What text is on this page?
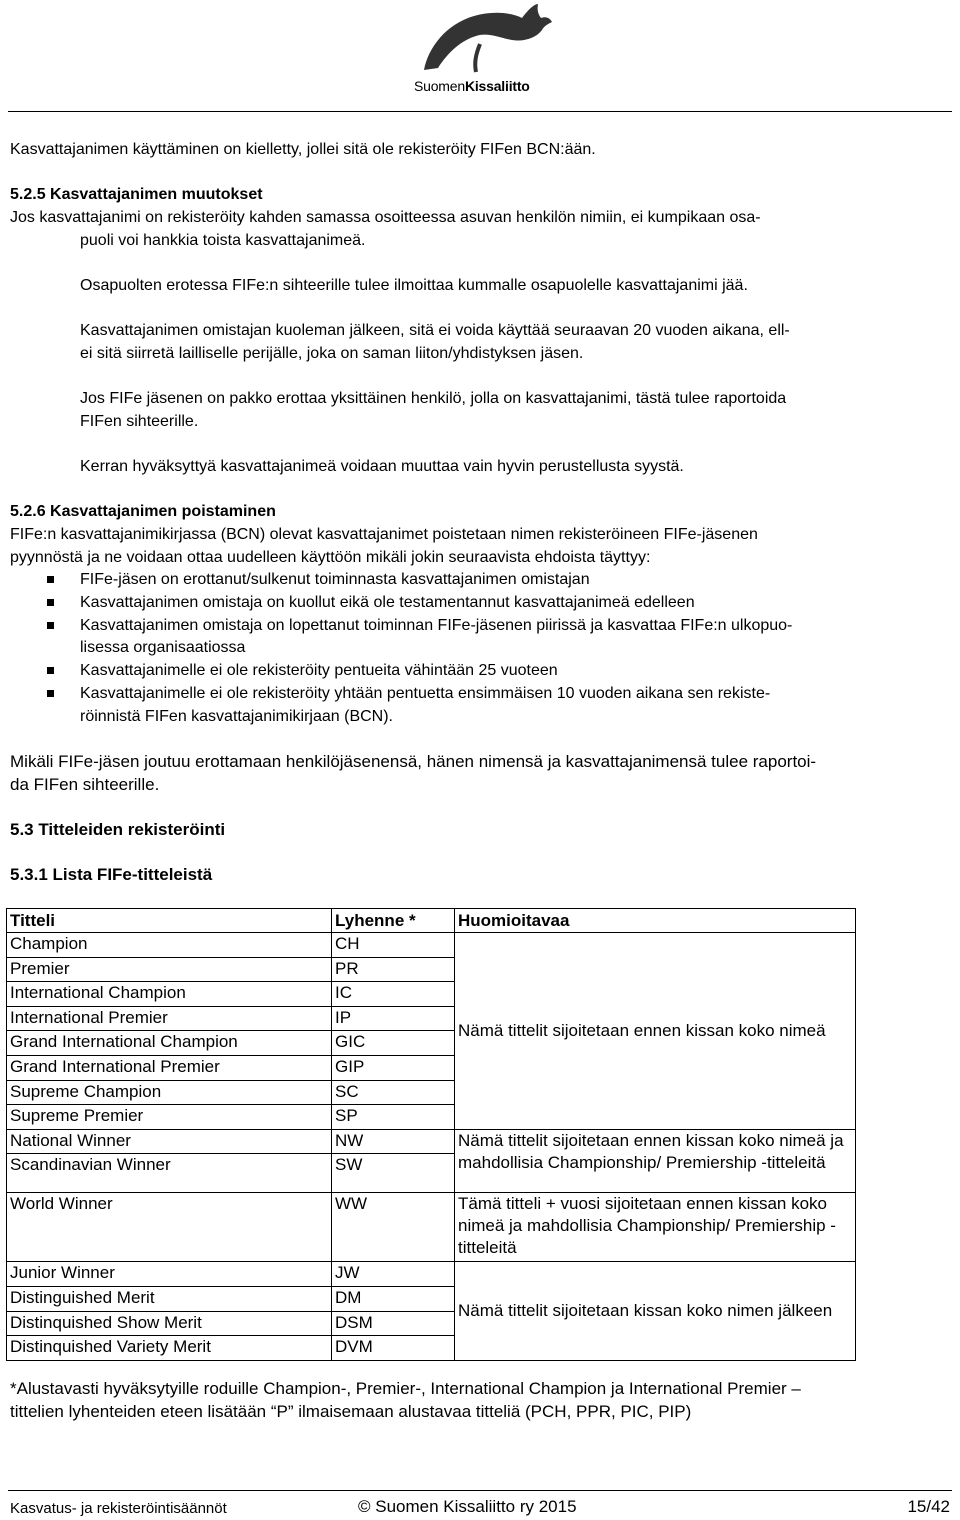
SuomenKissaliitto
Kasvattajanimen käyttäminen on kielletty, jollei sitä ole rekisteröity FIFen BCN:ään.
5.2.5 Kasvattajanimen muutokset
Jos kasvattajanimi on rekisteröity kahden samassa osoitteessa asuvan henkilön nimiin, ei kumpikaan osa-
puoli voi hankkia toista kasvattajanimeä.
Osapuolten erotessa FIFe:n sihteerille tulee ilmoittaa kummalle osapuolelle kasvattajanimi jää.
Kasvattajanimen omistajan kuoleman jälkeen, sitä ei voida käyttää seuraavan 20 vuoden aikana, ell-
ei sitä siirretä lailliselle perijälle, joka on saman liiton/yhdistyksen jäsen.
Jos FIFe jäsenen on pakko erottaa yksittäinen henkilö, jolla on kasvattajanimi, tästä tulee raportoida
FIFen sihteerille.
Kerran hyväksyttyä kasvattajanimeä voidaan muuttaa vain hyvin perustellusta syystä.
5.2.6 Kasvattajanimen poistaminen
FIFe:n kasvattajanimikirjassa (BCN) olevat kasvattajanimet poistetaan nimen rekisteröineen FIFe-jäsenen
pyynnöstä ja ne voidaan ottaa uudelleen käyttöön mikäli jokin seuraavista ehdoista täyttyy:
FIFe-jäsen on erottanut/sulkenut toiminnasta kasvattajanimen omistajan
Kasvattajanimen omistaja on kuollut eikä ole testamentannut kasvattajanimeä edelleen
Kasvattajanimen omistaja on lopettanut toiminnan FIFe-jäsenen piirissä ja kasvattaa FIFe:n ulkopuo-
lisessa organisaatiossa
Kasvattajanimelle ei ole rekisteröity pentueita vähintään 25 vuoteen
Kasvattajanimelle ei ole rekisteröity yhtään pentuetta ensimmäisen 10 vuoden aikana sen rekiste-
röinnistä FIFen kasvattajanimikirjaan (BCN).
Mikäli FIFe-jäsen joutuu erottamaan henkilöjäsenensä, hänen nimensä ja kasvattajanimensä tulee raportoi-
da FIFen sihteerille.
5.3 Titteleiden rekisteröinti
5.3.1 Lista FIFe-titteleistä
Titteli	Lyhenne *	Huomioitavaa
Champion	CH	Nämä tittelit sijoitetaan ennen kissan koko nimeä
Premier	PR	
International Champion	IC	
International Premier	IP	
Grand International Champion	GIC	
Grand International Premier	GIP	
Supreme Champion	SC	
Supreme Premier	SP	
National Winner	NW	Nämä tittelit sijoitetaan ennen kissan koko nimeä ja mahdollisia Championship/ Premiership -titteleitä
Scandinavian Winner	SW	
World Winner	WW	Tämä titteli + vuosi sijoitetaan ennen kissan koko nimeä ja mahdollisia Championship/ Premiership -titteleitä
Junior Winner	JW	Nämä tittelit sijoitetaan kissan koko nimen jälkeen
Distinguished Merit	DM	
Distinquished Show Merit	DSM	
Distinquished Variety Merit	DVM	
*Alustavasti hyväksytyille roduille Champion-, Premier-, International Champion ja International Premier –
tittelien lyhenteiden eteen lisätään “P” ilmaisemaan alustavaa titteliä (PCH, PPR, PIC, PIP)
Kasvatus- ja rekisteröintisäännöt	© Suomen Kissaliitto ry 2015	15/42
